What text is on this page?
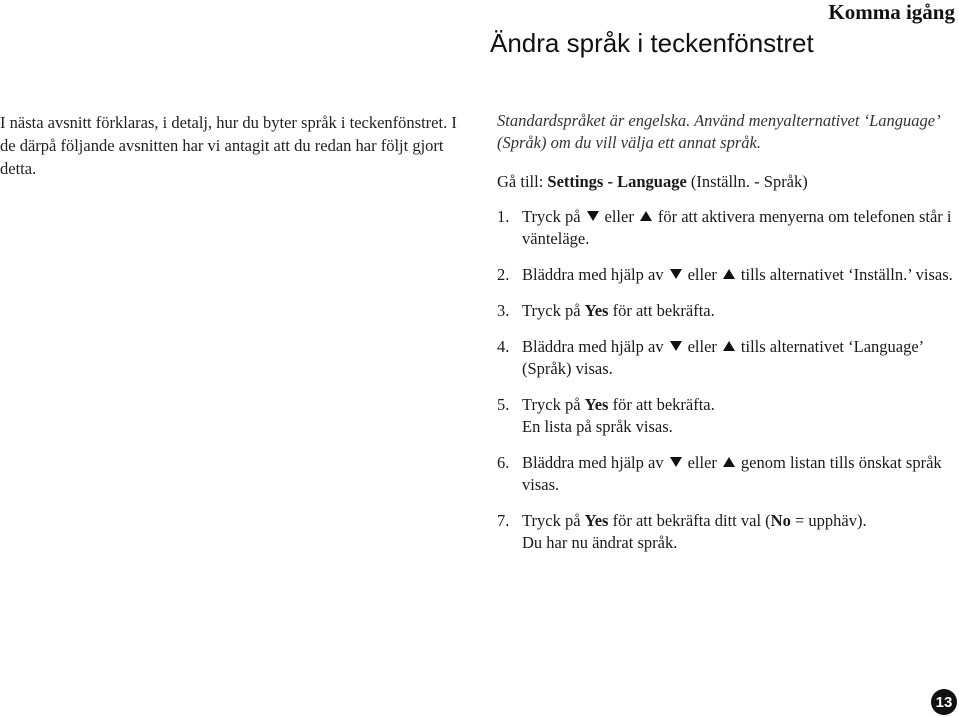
Komma igång
Ändra språk i teckenfönstret

I nästa avsnitt förklaras, i detalj, hur du byter språk i teckenfönstret. I de därpå följande avsnitten har vi antagit att du redan har följt gjort detta.

Standardspråket är engelska. Använd menyalternativet ‘Language’ (Språk) om du vill välja ett annat språk.

Gå till: Settings - Language (Inställn. - Språk)

1. Tryck på eller för att aktivera menyerna om telefonen står i vänteläge.
2. Bläddra med hjälp av eller tills alternativet ‘Inställn.’ visas.
3. Tryck på Yes för att bekräfta.
4. Bläddra med hjälp av eller tills alternativet ‘Language’ (Språk) visas.
5. Tryck på Yes för att bekräfta.
En lista på språk visas.
6. Bläddra med hjälp av eller genom listan tills önskat språk visas.
7. Tryck på Yes för att bekräfta ditt val (No = upphäv).
Du har nu ändrat språk.
13
